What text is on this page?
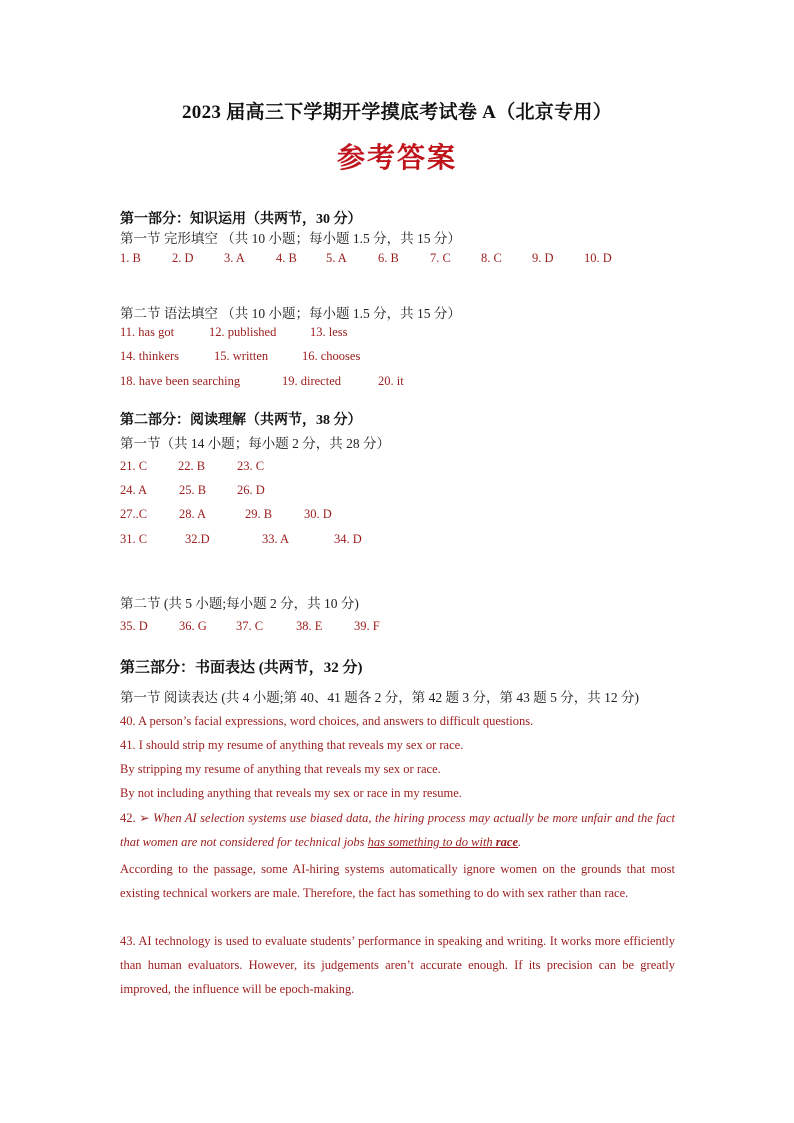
2023 届高三下学期开学摸底考试卷 A（北京专用）
参考答案
第一部分：知识运用（共两节，30 分）
第一节 完形填空 （共 10 小题；每小题 1.5 分，共 15 分）
1. B 2. D 3. A 4. B 5. A 6. B 7. C 8. C 9. D 10. D
第二节 语法填空 （共 10 小题；每小题 1.5 分，共 15 分）
11. has got	12. published	13. less
14. thinkers	15. written	16. chooses
18. have been searching	19. directed	20. it
第二部分：阅读理解（共两节，38 分）
第一节（共 14 小题；每小题 2 分，共 28 分）
21. C 22. B	23. C
24. A	25. B 26. D
27..C	28. A	29. B	30. D
31. C	32.D	33. A	34. D
第二节 (共 5 小题;每小题 2 分，共 10 分)
35. D 36. G 37. C	38. E	39. F
第三部分：书面表达 (共两节，32 分)
第一节 阅读表达 (共 4 小题;第 40、41 题各 2 分，第 42 题 3 分，第 43 题 5 分，共 12 分)
40. A person’s facial expressions, word choices, and answers to difficult questions.
41. I should strip my resume of anything that reveals my sex or race.
By stripping my resume of anything that reveals my sex or race.
By not including anything that reveals my sex or race in my resume.
42. ➢ When AI selection systems use biased data, the hiring process may actually be more unfair and the fact that women are not considered for technical jobs has something to do with race.
According to the passage, some AI-hiring systems automatically ignore women on the grounds that most existing technical workers are male. Therefore, the fact has something to do with sex rather than race.
43. AI technology is used to evaluate students’ performance in speaking and writing. It works more efficiently than human evaluators. However, its judgements aren’t accurate enough. If its precision can be greatly improved, the influence will be epoch-making.
